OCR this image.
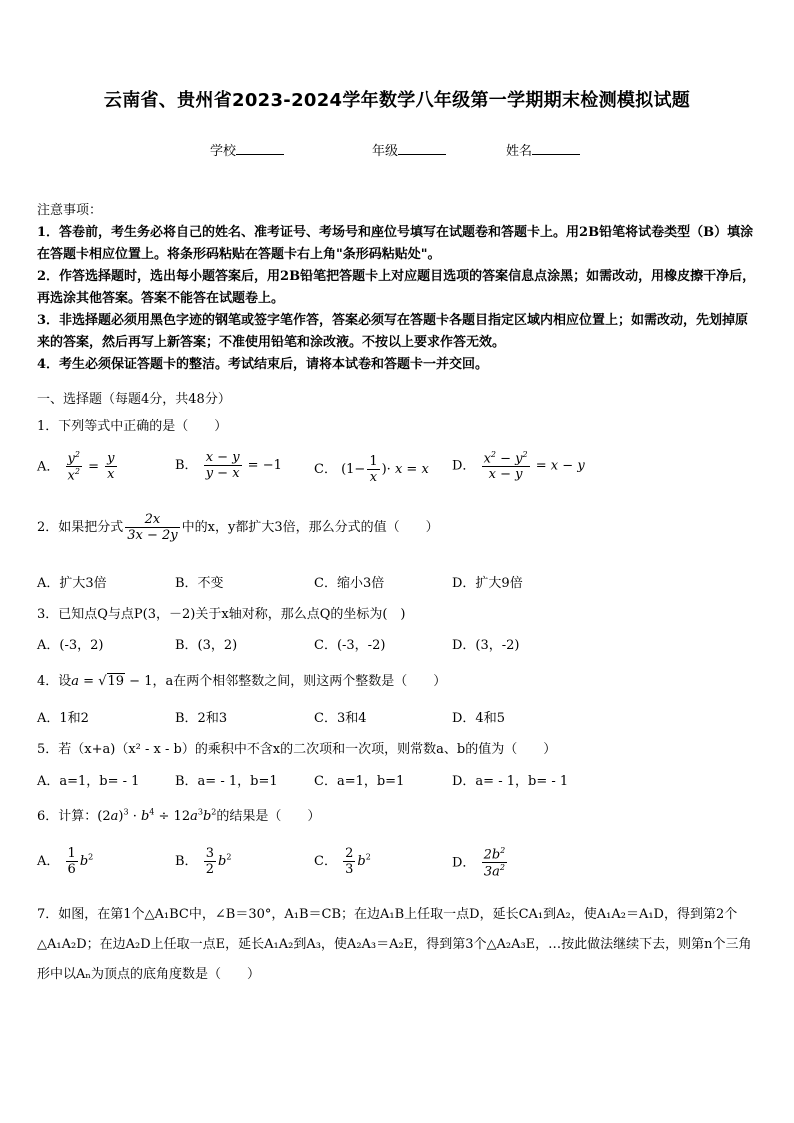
云南省、贵州省2023-2024学年数学八年级第一学期期末检测模拟试题
学校	年级	姓名

注意事项：

1．答卷前，考生务必将自己的姓名、准考证号、考场号和座位号填写在试题卷和答题卡上。用2B铅笔将试卷类型（B）填涂在答题卡相应位置上。将条形码粘贴在答题卡右上角"条形码粘贴处"。

2．作答选择题时，选出每小题答案后，用2B铅笔把答题卡上对应题目选项的答案信息点涂黑；如需改动，用橡皮擦干净后，再选涂其他答案。答案不能答在试题卷上。

3．非选择题必须用黑色字迹的钢笔或签字笔作答，答案必须写在答题卡各题目指定区域内相应位置上；如需改动，先划掉原来的答案，然后再写上新答案；不准使用铅笔和涂改液。不按以上要求作答无效。

4．考生必须保证答题卡的整洁。考试结束后，请将本试卷和答题卡一并交回。

一、选择题（每题4分，共48分）
1．下列等式中正确的是（　　）
A． $\frac{y^2}{x^2} = \frac{y}{x}$	B． $\frac{x - y}{y - x} = -1$ C． ($1- \frac{1}{x}$ )· x = x D． $\frac{x^2 - y^2}{x - y} = x - y$
2．如果把分式 $\frac{2x}{3x - 2y}$ 中的x，y都扩大3倍，那么分式的值（　　）
A．扩大3倍	B．不变	C．缩小3倍	D．扩大9倍
3．已知点Q与点P(3，－2)关于x轴对称，那么点Q的坐标为(　)
A．(-3，2)	B．(3，2)	C．(-3，-2)	D．(3，-2)
4．设a = √19 − 1，a在两个相邻整数之间，则这两个整数是（　　）
A．1和2	B．2和3	C．3和4	D．4和5
5．若（x+a)（x² - x - b）的乘积中不含x的二次项和一次项，则常数a、b的值为（　　）
A．a=1，b= - 1	B．a= - 1，b=1	C．a=1，b=1	D．a= - 1，b= - 1
6．计算：$(2a)^3 \cdot b^4 \div 12a^3b^2$的结果是（　　）
A． $\frac{1}{6} b^2$	B． $\frac{3}{2} b^2$	C． $\frac{2}{3} b^2$	D． $\frac{2b^2}{3a^2}$
7．如图，在第1个△A₁BC中，∠B＝30°，A₁B＝CB；在边A₁B上任取一点D，延长CA₁到A₂，使A₁A₂＝A₁D，得到第2个△A₁A₂D；在边A₂D上任取一点E，延长A₁A₂到A₃，使A₂A₃＝A₂E，得到第3个△A₂A₃E，…按此做法继续下去，则第n个三角形中以Aₙ为顶点的底角度数是（　　）
